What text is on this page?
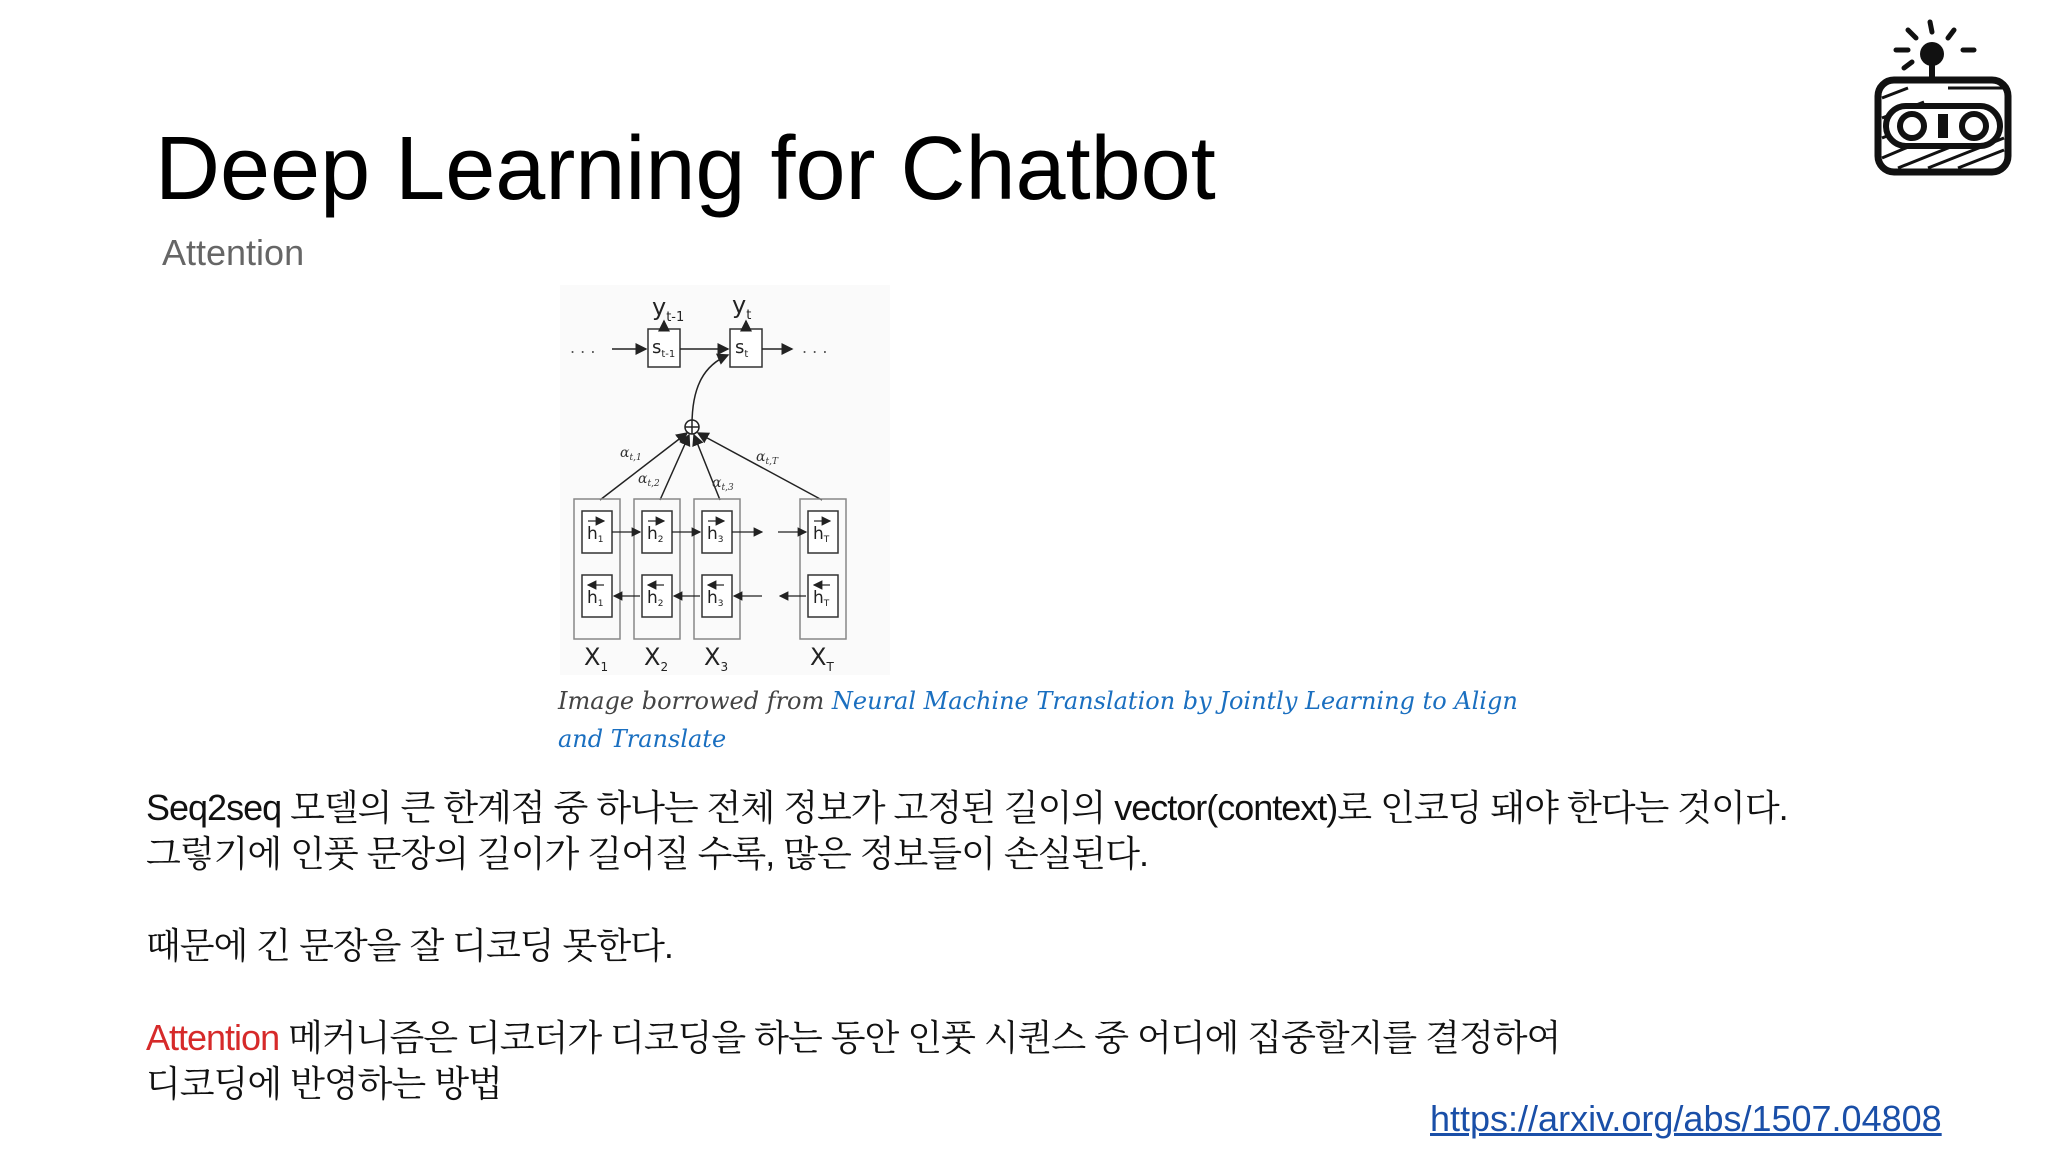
Deep Learning for Chatbot
Attention
$y_{t-1}$ $y_t$
. . .	. . .
$s_{t-1}$	$s_t$
$\alpha_{t,1}$
$\alpha_{t,2}$	$\alpha_{t,3}$
$\alpha_{t,T}$
h1	h2	h3	hT
h1	h2	h3	hT
$X_1$ $X_2$ $X_3$	$X_T$
Image borrowed from Neural Machine Translation by Jointly Learning to Align and Translate

Seq2seq 모델의 큰 한계점 중 하나는 전체 정보가 고정된 길이의 vector(context)로 인코딩 돼야 한다는 것이다.

그렇기에 인풋 문장의 길이가 길어질 수록, 많은 정보들이 손실된다.

때문에 긴 문장을 잘 디코딩 못한다.

Attention 메커니즘은 디코더가 디코딩을 하는 동안 인풋 시퀀스 중 어디에 집중할지를 결정하여

디코딩에 반영하는 방법

https://arxiv.org/abs/1507.04808
